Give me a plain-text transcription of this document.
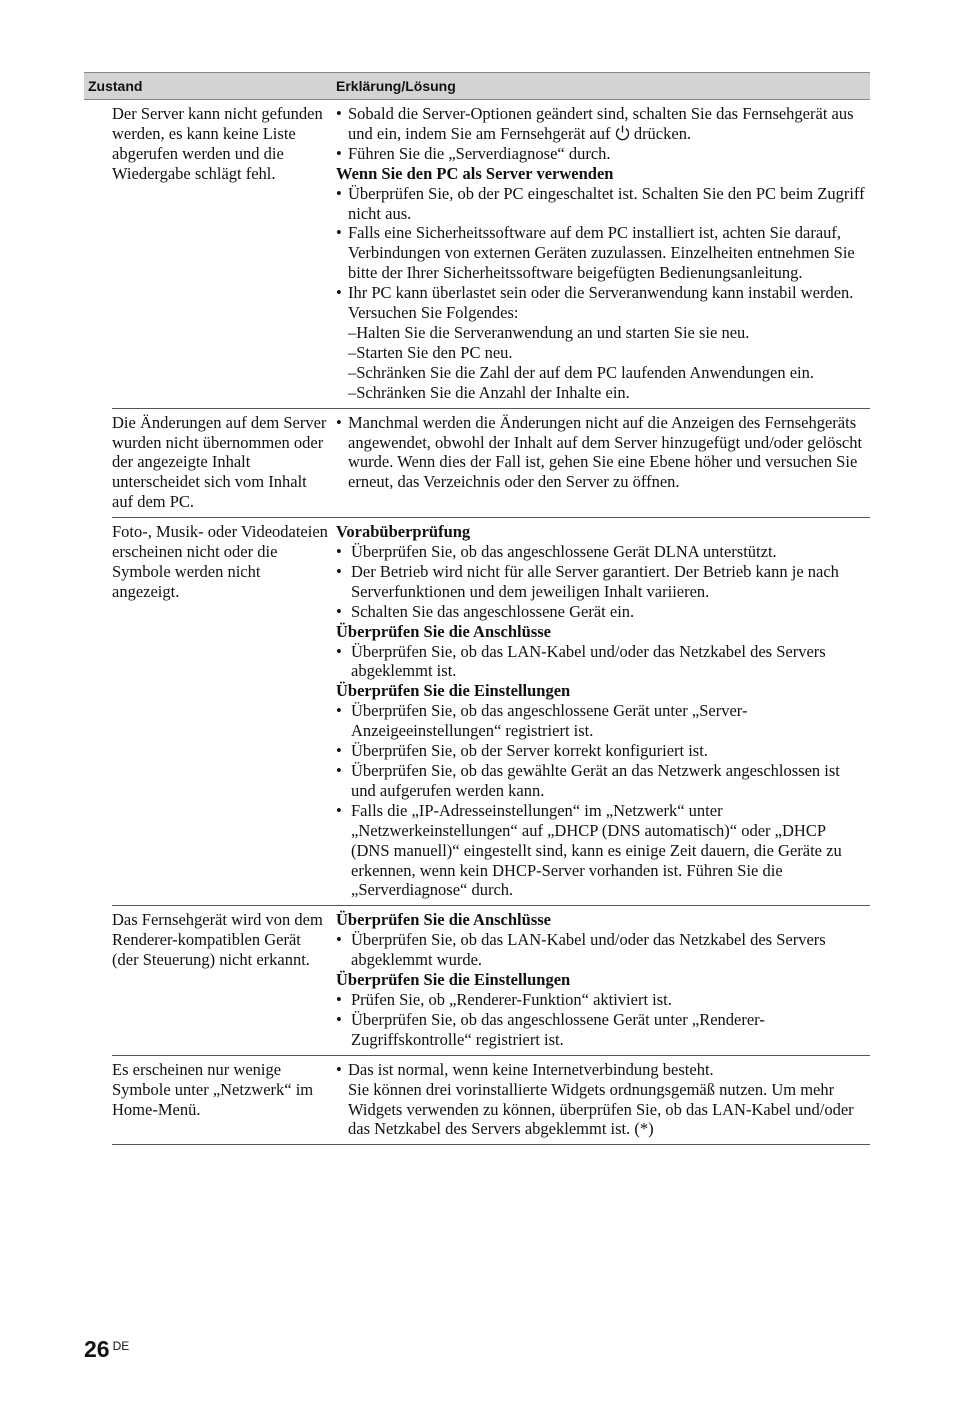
Zustand	Erklärung/Lösung
Der Server kann nicht gefunden werden, es kann keine Liste abgerufen werden und die Wiedergabe schlägt fehl.

• Sobald die Server-Optionen geändert sind, schalten Sie das Fernsehgerät aus und ein, indem Sie am Fernsehgerät auf drücken.

• Führen Sie die „Serverdiagnose“ durch.

Wenn Sie den PC als Server verwenden

• Überprüfen Sie, ob der PC eingeschaltet ist. Schalten Sie den PC beim Zugriff nicht aus.

• Falls eine Sicherheitssoftware auf dem PC installiert ist, achten Sie darauf, Verbindungen von externen Geräten zuzulassen. Einzelheiten entnehmen Sie bitte der Ihrer Sicherheitssoftware beigefügten Bedienungsanleitung.

• Ihr PC kann überlastet sein oder die Serveranwendung kann instabil werden. Versuchen Sie Folgendes:

–Halten Sie die Serveranwendung an und starten Sie sie neu.

–Starten Sie den PC neu.

–Schränken Sie die Zahl der auf dem PC laufenden Anwendungen ein.

–Schränken Sie die Anzahl der Inhalte ein.

Die Änderungen auf dem Server wurden nicht übernommen oder der angezeigte Inhalt unterscheidet sich vom Inhalt auf dem PC.

• Manchmal werden die Änderungen nicht auf die Anzeigen des Fernsehgeräts angewendet, obwohl der Inhalt auf dem Server hinzugefügt und/oder gelöscht wurde. Wenn dies der Fall ist, gehen Sie eine Ebene höher und versuchen Sie erneut, das Verzeichnis oder den Server zu öffnen.

Foto-, Musik- oder Videodateien erscheinen nicht oder die Symbole werden nicht angezeigt.

Vorabüberprüfung

• Überprüfen Sie, ob das angeschlossene Gerät DLNA unterstützt.

• Der Betrieb wird nicht für alle Server garantiert. Der Betrieb kann je nach Serverfunktionen und dem jeweiligen Inhalt variieren.

• Schalten Sie das angeschlossene Gerät ein.

Überprüfen Sie die Anschlüsse

• Überprüfen Sie, ob das LAN-Kabel und/oder das Netzkabel des Servers abgeklemmt ist.

Überprüfen Sie die Einstellungen

• Überprüfen Sie, ob das angeschlossene Gerät unter „Server-Anzeigeeinstellungen“ registriert ist.

• Überprüfen Sie, ob der Server korrekt konfiguriert ist.

• Überprüfen Sie, ob das gewählte Gerät an das Netzwerk angeschlossen ist und aufgerufen werden kann.

• Falls die „IP-Adresseinstellungen“ im „Netzwerk“ unter „Netzwerkeinstellungen“ auf „DHCP (DNS automatisch)“ oder „DHCP (DNS manuell)“ eingestellt sind, kann es einige Zeit dauern, die Geräte zu erkennen, wenn kein DHCP-Server vorhanden ist. Führen Sie die „Serverdiagnose“ durch.

Das Fernsehgerät wird von dem Renderer-kompatiblen Gerät (der Steuerung) nicht erkannt.

Überprüfen Sie die Anschlüsse

• Überprüfen Sie, ob das LAN-Kabel und/oder das Netzkabel des Servers abgeklemmt wurde.

Überprüfen Sie die Einstellungen

• Prüfen Sie, ob „Renderer-Funktion“ aktiviert ist.

• Überprüfen Sie, ob das angeschlossene Gerät unter „Renderer-Zugriffskontrolle“ registriert ist.

Es erscheinen nur wenige Symbole unter „Netzwerk“ im Home-Menü.

• Das ist normal, wenn keine Internetverbindung besteht.

Sie können drei vorinstallierte Widgets ordnungsgemäß nutzen. Um mehr Widgets verwenden zu können, überprüfen Sie, ob das LAN-Kabel und/oder das Netzkabel des Servers abgeklemmt ist. (*)

26 $^{DE}$
